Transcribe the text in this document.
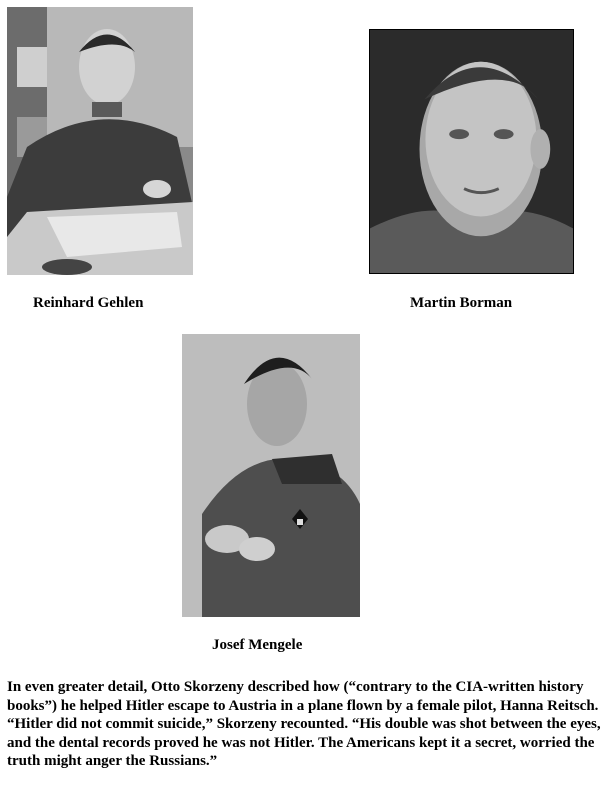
Reinhard Gehlen	Martin Borman
Josef Mengele
In even greater detail, Otto Skorzeny described how (“contrary to the CIA-written history books”) he helped Hitler escape to Austria in a plane flown by a female pilot, Hanna Reitsch. “Hitler did not commit suicide,” Skorzeny recounted. “His double was shot between the eyes, and the dental records proved he was not Hitler. The Americans kept it a secret, worried the truth might anger the Russians.”
